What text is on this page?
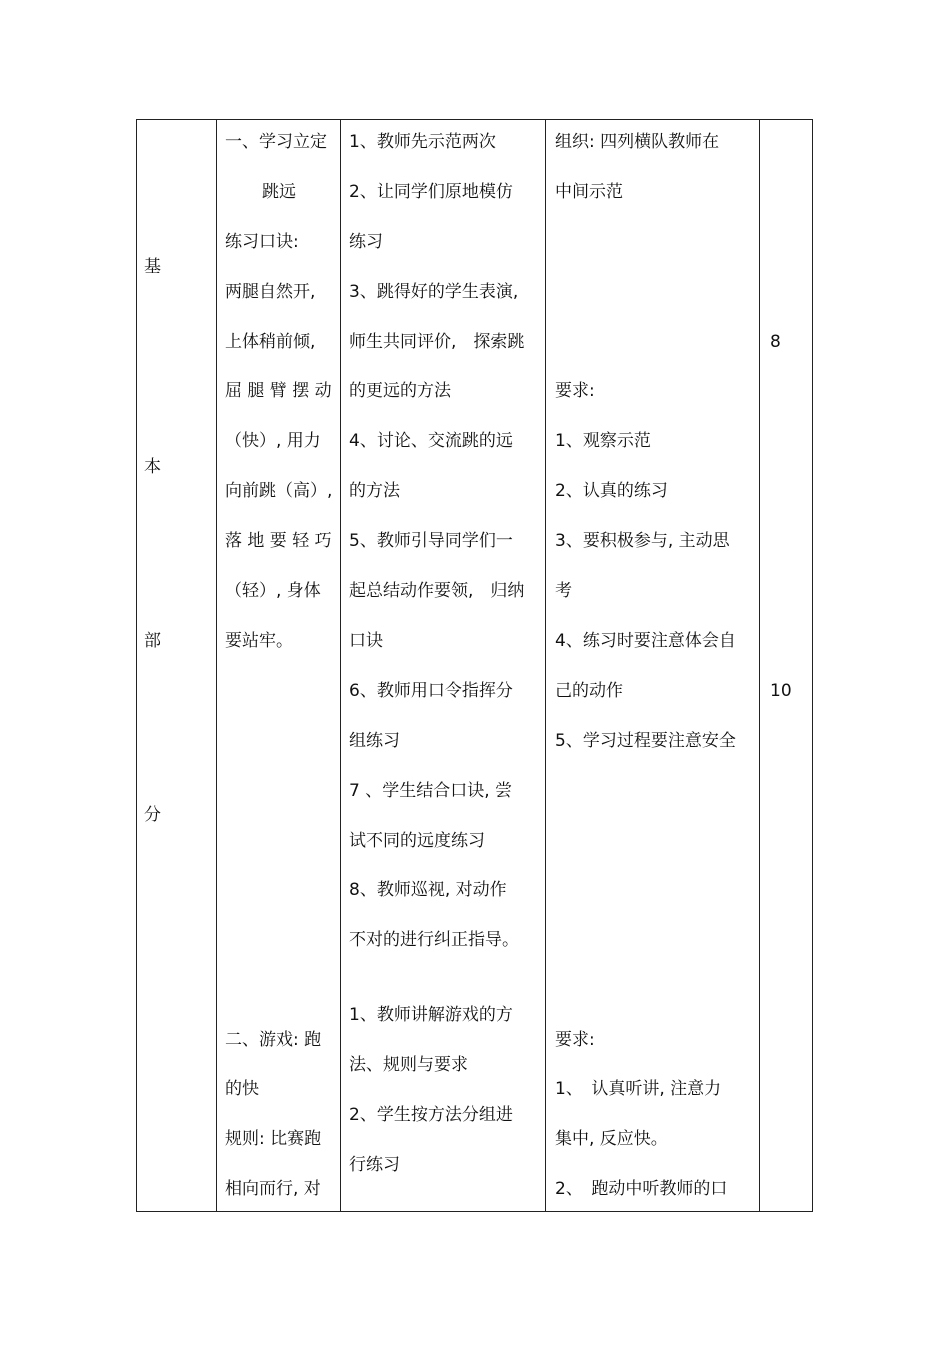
基
本
部
分
一、学习立定
跳远
练习口诀:
两腿自然开,
上体稍前倾,
屈 腿 臂 摆 动
（快）, 用力
向前跳（高）,
落 地 要 轻 巧
（轻）, 身体
要站牢。
二、游戏: 跑
的快
规则: 比赛跑
相向而行, 对
1、教师先示范两次
2、让同学们原地模仿
练习
3、跳得好的学生表演,
师生共同评价,　探索跳
的更远的方法
4、讨论、交流跳的远
的方法
5、教师引导同学们一
起总结动作要领,　归纳
口诀
6、教师用口令指挥分
组练习
7 、学生结合口诀, 尝
试不同的远度练习
8、教师巡视, 对动作
不对的进行纠正指导。
1、教师讲解游戏的方
法、规则与要求
2、学生按方法分组进
行练习
组织: 四列横队教师在
中间示范
要求:
1、观察示范
2、认真的练习
3、要积极参与, 主动思
考
4、练习时要注意体会自
己的动作
5、学习过程要注意安全
要求:
1、　认真听讲, 注意力
集中, 反应快。
2、　跑动中听教师的口
8
10
